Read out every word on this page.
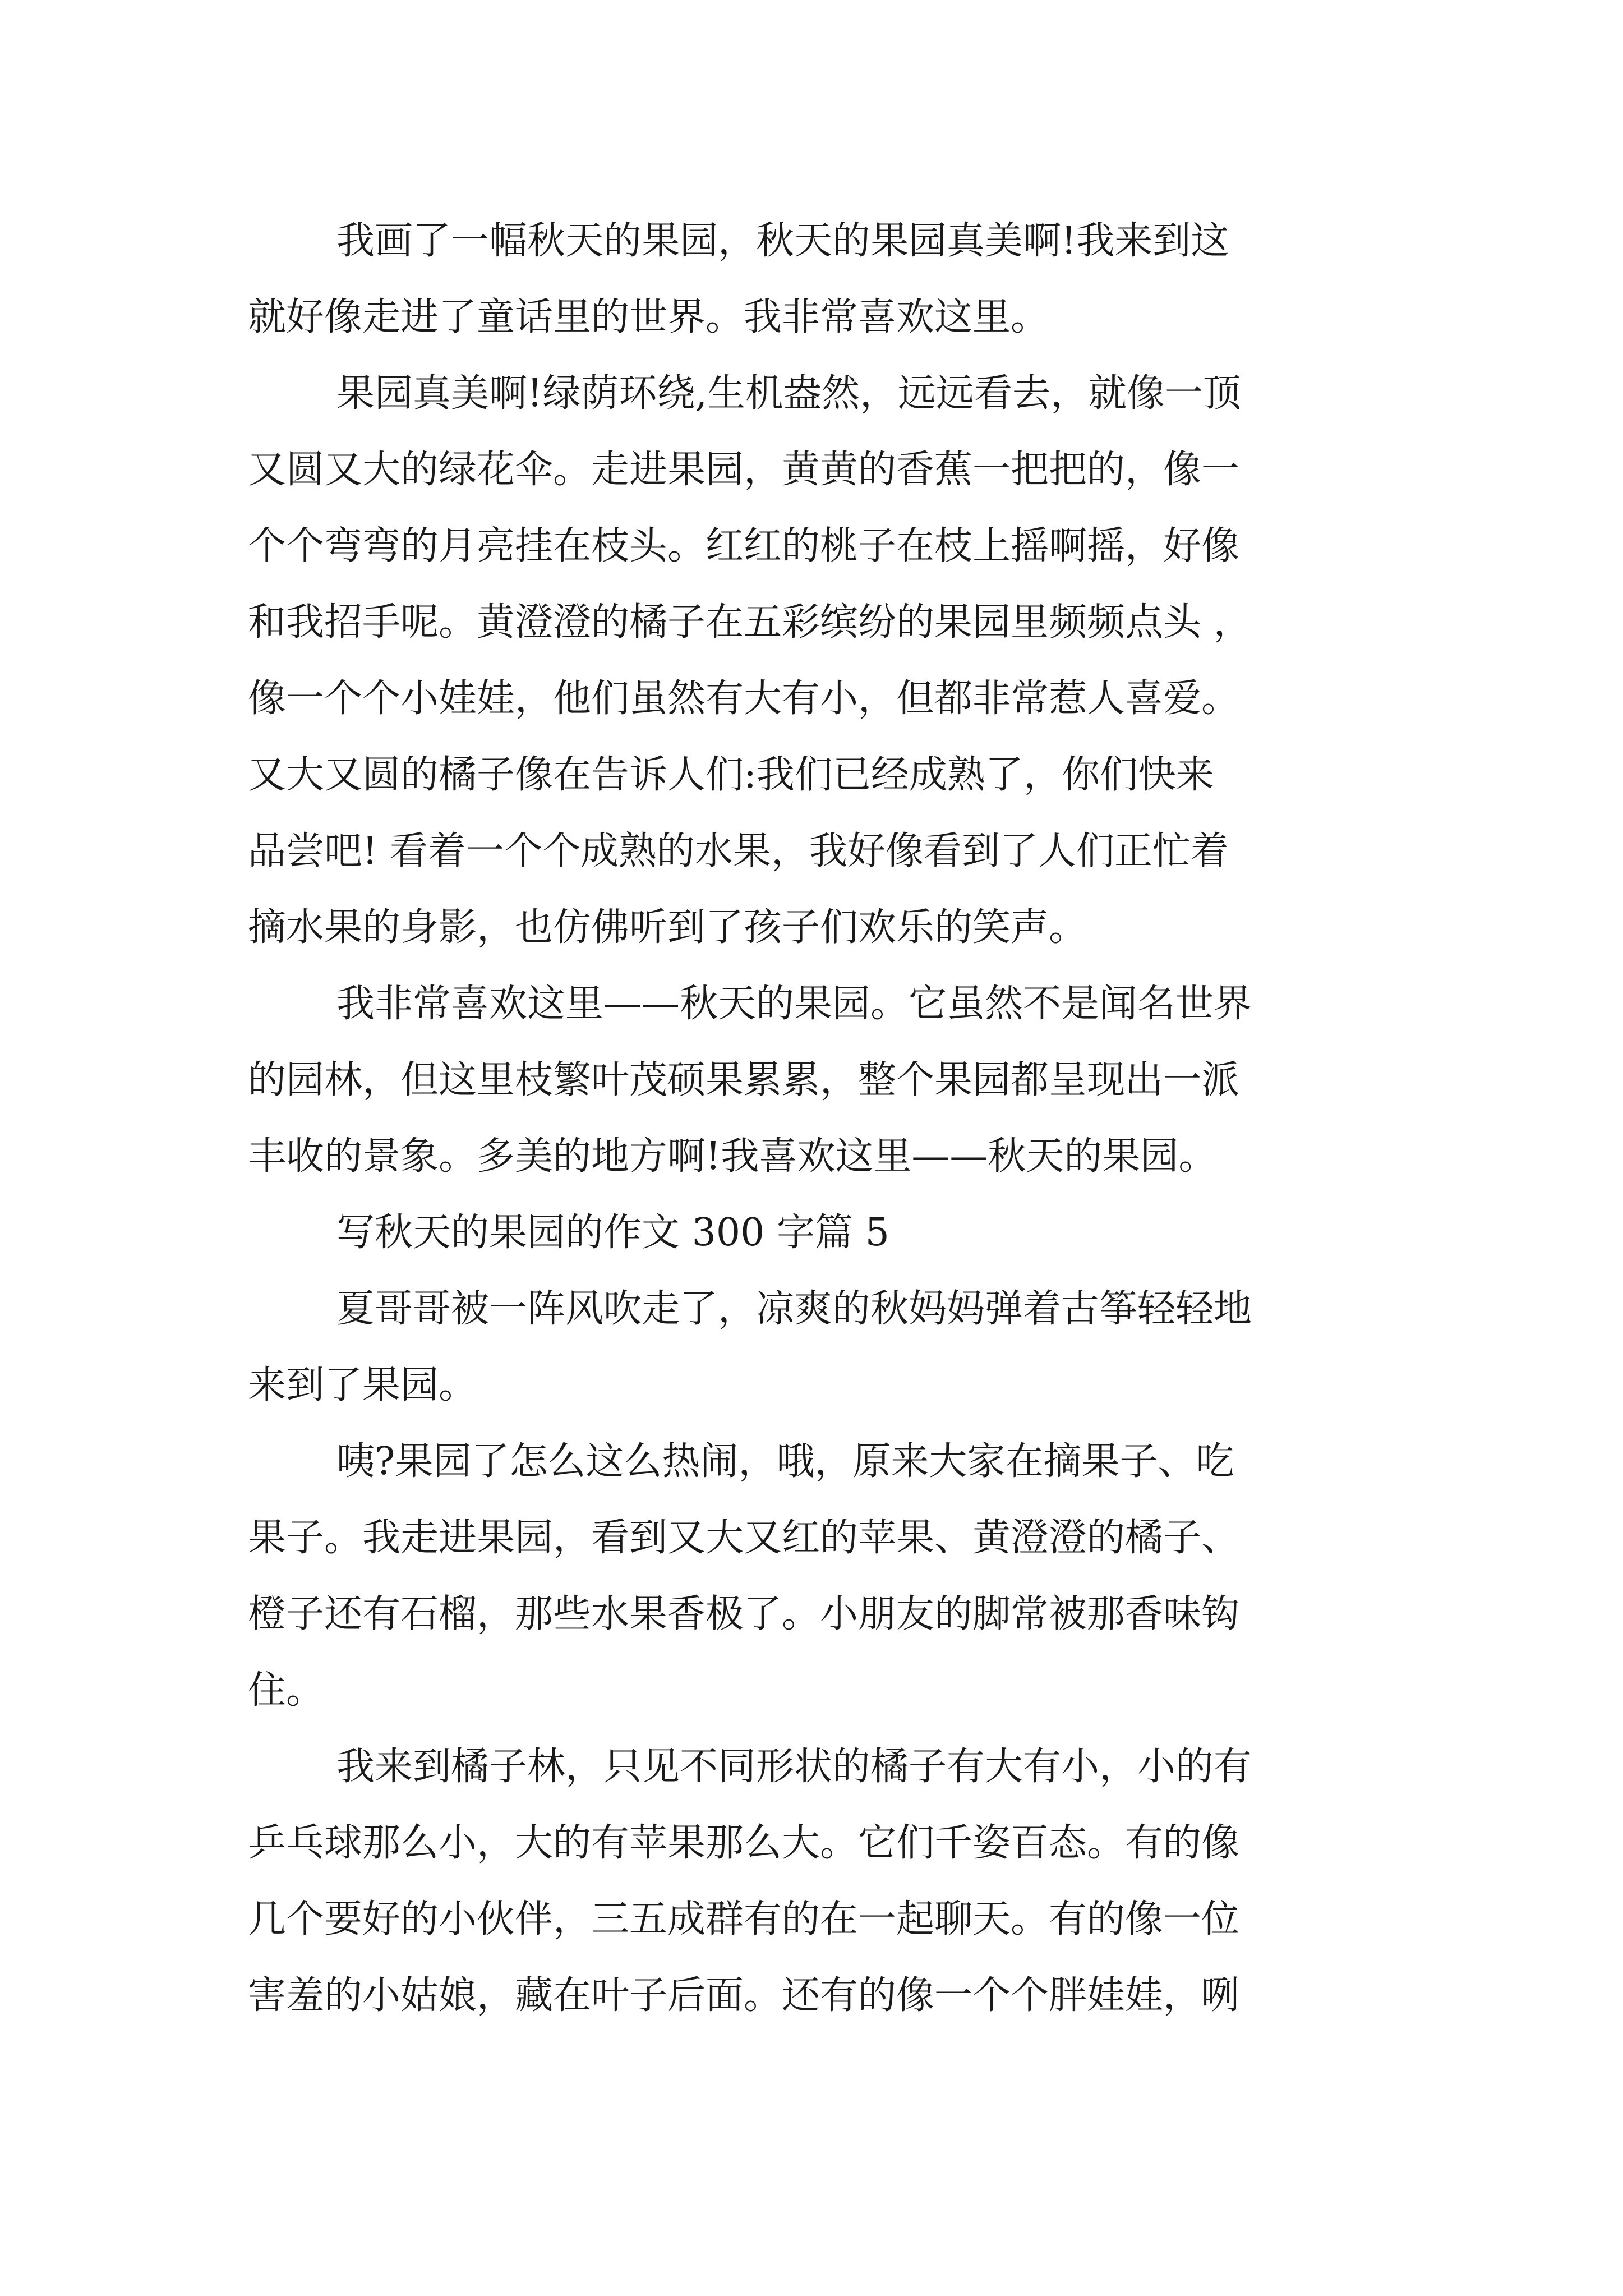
我画了一幅秋天的果园，秋天的果园真美啊!我来到这
就好像走进了童话里的世界。我非常喜欢这里。
果园真美啊!绿荫环绕,生机盎然，远远看去，就像一顶
又圆又大的绿花伞。走进果园，黄黄的香蕉一把把的，像一
个个弯弯的月亮挂在枝头。红红的桃子在枝上摇啊摇，好像
和我招手呢。黄澄澄的橘子在五彩缤纷的果园里频频点头 ，
像一个个小娃娃，他们虽然有大有小，但都非常惹人喜爱。
又大又圆的橘子像在告诉人们:我们已经成熟了，你们快来
品尝吧! 看着一个个成熟的水果，我好像看到了人们正忙着
摘水果的身影，也仿佛听到了孩子们欢乐的笑声。
我非常喜欢这里——秋天的果园。它虽然不是闻名世界
的园林，但这里枝繁叶茂硕果累累，整个果园都呈现出一派
丰收的景象。多美的地方啊!我喜欢这里——秋天的果园。
写秋天的果园的作文 300 字篇 5
夏哥哥被一阵风吹走了，凉爽的秋妈妈弹着古筝轻轻地
来到了果园。
咦?果园了怎么这么热闹，哦，原来大家在摘果子、吃
果子。我走进果园，看到又大又红的苹果、黄澄澄的橘子、
橙子还有石榴，那些水果香极了。小朋友的脚常被那香味钩
住。
我来到橘子林，只见不同形状的橘子有大有小，小的有
乒乓球那么小，大的有苹果那么大。它们千姿百态。有的像
几个要好的小伙伴，三五成群有的在一起聊天。有的像一位
害羞的小姑娘，藏在叶子后面。还有的像一个个胖娃娃，咧
